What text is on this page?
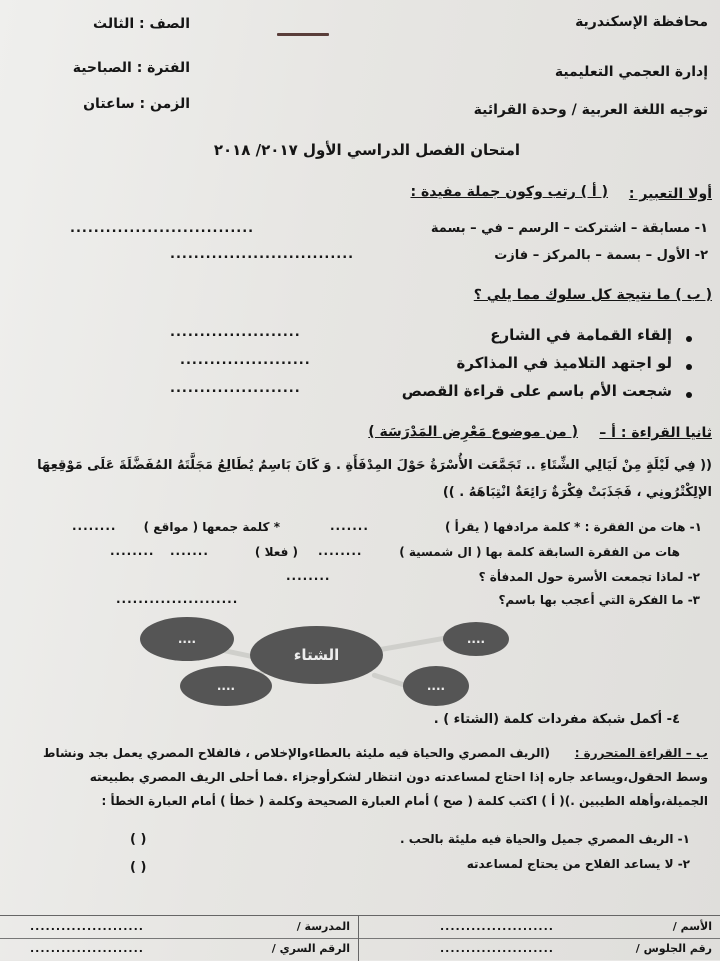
محافظة الإسكندرية
إدارة العجمي التعليمية
توجيه اللغة العربية / وحدة القرائية
الصف : الثالث
الفترة : الصباحية
الزمن : ساعتان
امتحان الفصل الدراسي الأول ٢٠١٧/ ٢٠١٨
أولا التعبير :
( أ ) رتب وكون جملة مفيدة :
١- مسابقة – اشتركت – الرسم – في – بسمة
...............................
٢- الأول – بسمة – بالمركز – فازت
...............................
( ب ) ما نتيجة كل سلوك مما يلي ؟
إلقاء القمامة في الشارع
......................
لو اجتهد التلاميذ في المذاكرة
......................
شجعت الأم باسم على قراءة القصص
......................
ثانيا القراءة : أ –
( من موضوع مَعْرِض المَدْرَسَة )
(( فِي لَيْلَةٍ مِنْ لَيَالِي الشِّتَاءِ .. تَجَمَّعَت الأُسْرَةُ حَوْلَ المِدْفَأَةِ . وَ كَانَ بَاسِمٌ يُطَالِعُ مَجَلَّتَهُ المُفَضَّلَةَ عَلَى مَوْقِعِهَا
الإلِكْتْرُونِي ، فَجَذَبَتْ فِكْرَةٌ رَائِعَةٌ انْتِبَاهَهُ . ))
١- هات من الفقرة : * كلمة مرادفها ( يقرأ )
.......
* كلمة جمعها ( مواقع )
........
هات من الفقرة السابقة كلمة بها ( ال شمسية )
........
( فعلا )
........ .......
٢- لماذا تجمعت الأسرة حول المدفأة ؟
........
٣- ما الفكرة التي أعجب بها باسم؟
......................
....
....
الشتاء
....
....
٤- أكمل شبكة مفردات كلمة (الشتاء ) .
ب – القراءة المتحررة :
(الريف المصري والحياة فيه مليئة بالعطاءوالإخلاص ، فالفلاح المصري يعمل بجد ونشاط
وسط الحقول،ويساعد جاره إذا احتاج لمساعدته دون انتظار لشكرأوجزاء .فما أحلى الريف المصري بطبيعته
الجميلة،وأهله الطيبين .)( أ ) اكتب كلمة ( صح ) أمام العبارة الصحيحة وكلمة ( خطأ ) أمام العبارة الخطأ :
١- الريف المصري جميل والحياة فيه مليئة بالحب .
( )
٢- لا يساعد الفلاح من يحتاج لمساعدته
( )
الأسم /
......................
رقم الجلوس /
......................
المدرسة /
......................
الرقم السري /
......................
